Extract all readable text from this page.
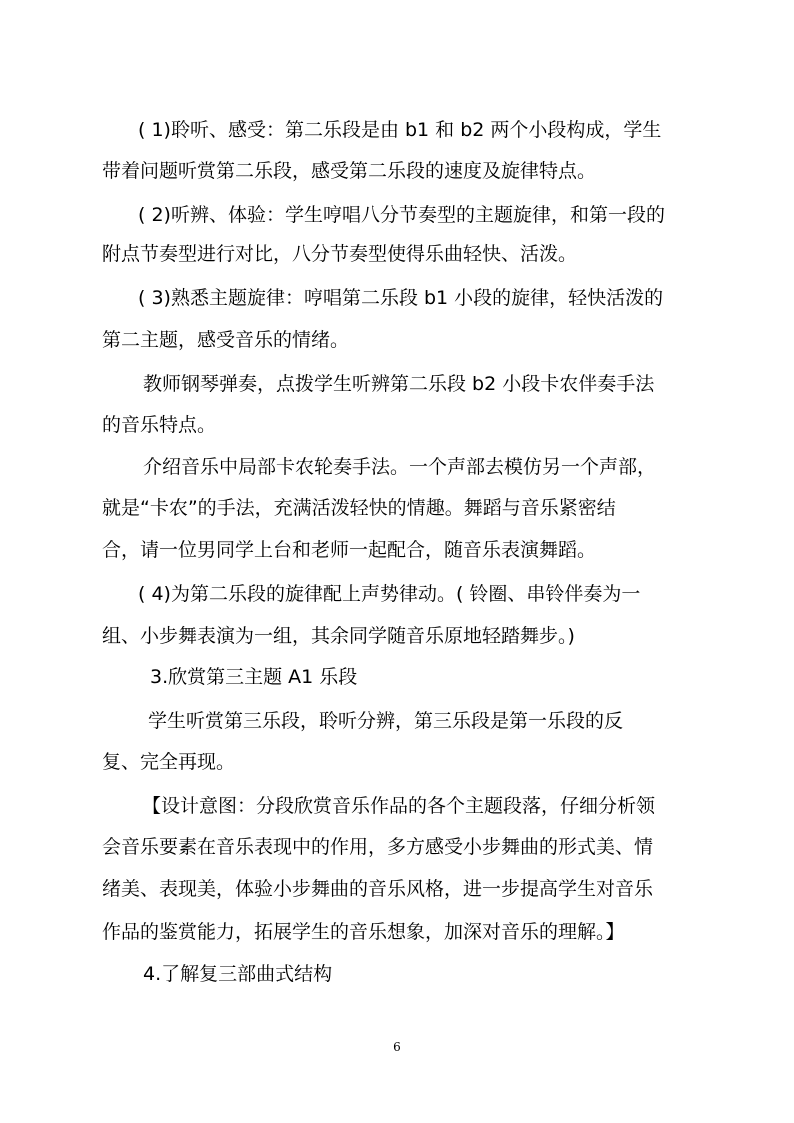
( 1)聆听、感受：第二乐段是由 b1 和 b2 两个小段构成，学生
带着问题听赏第二乐段，感受第二乐段的速度及旋律特点。
( 2)听辨、体验：学生哼唱八分节奏型的主题旋律，和第一段的
附点节奏型进行对比，八分节奏型使得乐曲轻快、活泼。
( 3)熟悉主题旋律：哼唱第二乐段 b1 小段的旋律，轻快活泼的
第二主题，感受音乐的情绪。
教师钢琴弹奏，点拨学生听辨第二乐段 b2 小段卡农伴奏手法
的音乐特点。
介绍音乐中局部卡农轮奏手法。一个声部去模仿另一个声部，
就是“卡农”的手法，充满活泼轻快的情趣。舞蹈与音乐紧密结
合，请一位男同学上台和老师一起配合，随音乐表演舞蹈。
( 4)为第二乐段的旋律配上声势律动。( 铃圈、串铃伴奏为一
组、小步舞表演为一组，其余同学随音乐原地轻踏舞步。)
3.欣赏第三主题 A1 乐段
学生听赏第三乐段，聆听分辨，第三乐段是第一乐段的反
复、完全再现。
【设计意图：分段欣赏音乐作品的各个主题段落，仔细分析领
会音乐要素在音乐表现中的作用，多方感受小步舞曲的形式美、情
绪美、表现美，体验小步舞曲的音乐风格，进一步提高学生对音乐
作品的鉴赏能力，拓展学生的音乐想象，加深对音乐的理解。】
4.了解复三部曲式结构
6
